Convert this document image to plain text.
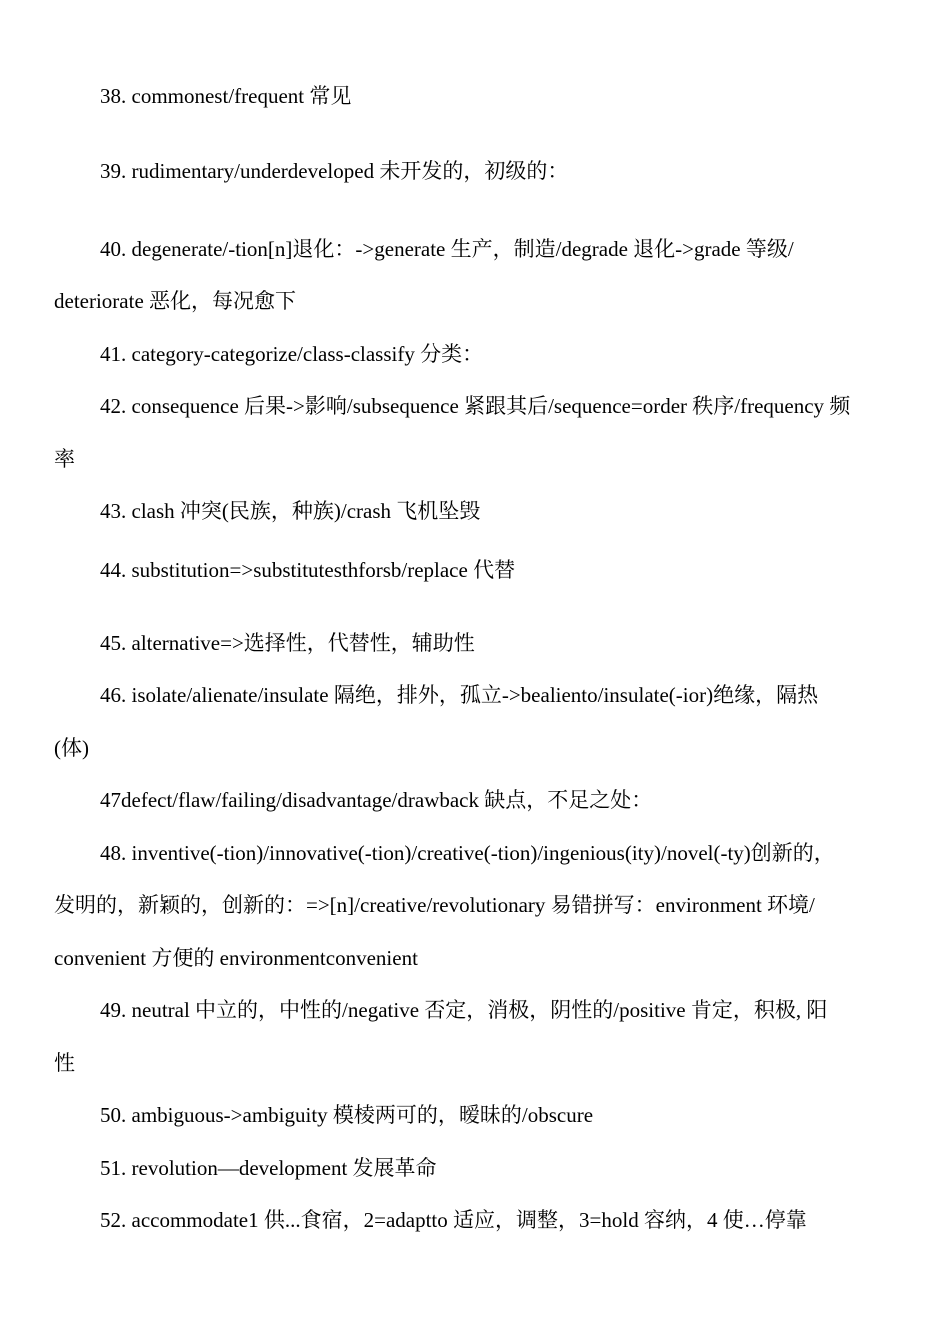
38. commonest/frequent 常见
39. rudimentary/underdeveloped 未开发的，初级的：
40. degenerate/-tion[n]退化：->generate 生产，制造/degrade 退化->grade 等级/
deteriorate 恶化，每况愈下
41. category-categorize/class-classify 分类：
42. consequence 后果->影响/subsequence 紧跟其后/sequence=order 秩序/frequency 频
率
43. clash 冲突(民族，种族)/crash 飞机坠毁
44. substitution=>substitutesthforsb/replace 代替
45. alternative=>选择性，代替性，辅助性
46. isolate/alienate/insulate 隔绝，排外，孤立->bealiento/insulate(-ior)绝缘，隔热
(体)
47defect/flaw/failing/disadvantage/drawback 缺点，不足之处：
48. inventive(-tion)/innovative(-tion)/creative(-tion)/ingenious(ity)/novel(-ty)创新的，
发明的，新颖的，创新的：=>[n]/creative/revolutionary 易错拼写：environment 环境/
convenient 方便的 environmentconvenient
49. neutral 中立的，中性的/negative 否定，消极，阴性的/positive 肯定，积极, 阳
性
50. ambiguous->ambiguity 模棱两可的，暧昧的/obscure
51. revolution—development 发展革命
52. accommodate1 供...食宿，2=adaptto 适应，调整，3=hold 容纳，4 使…停靠
